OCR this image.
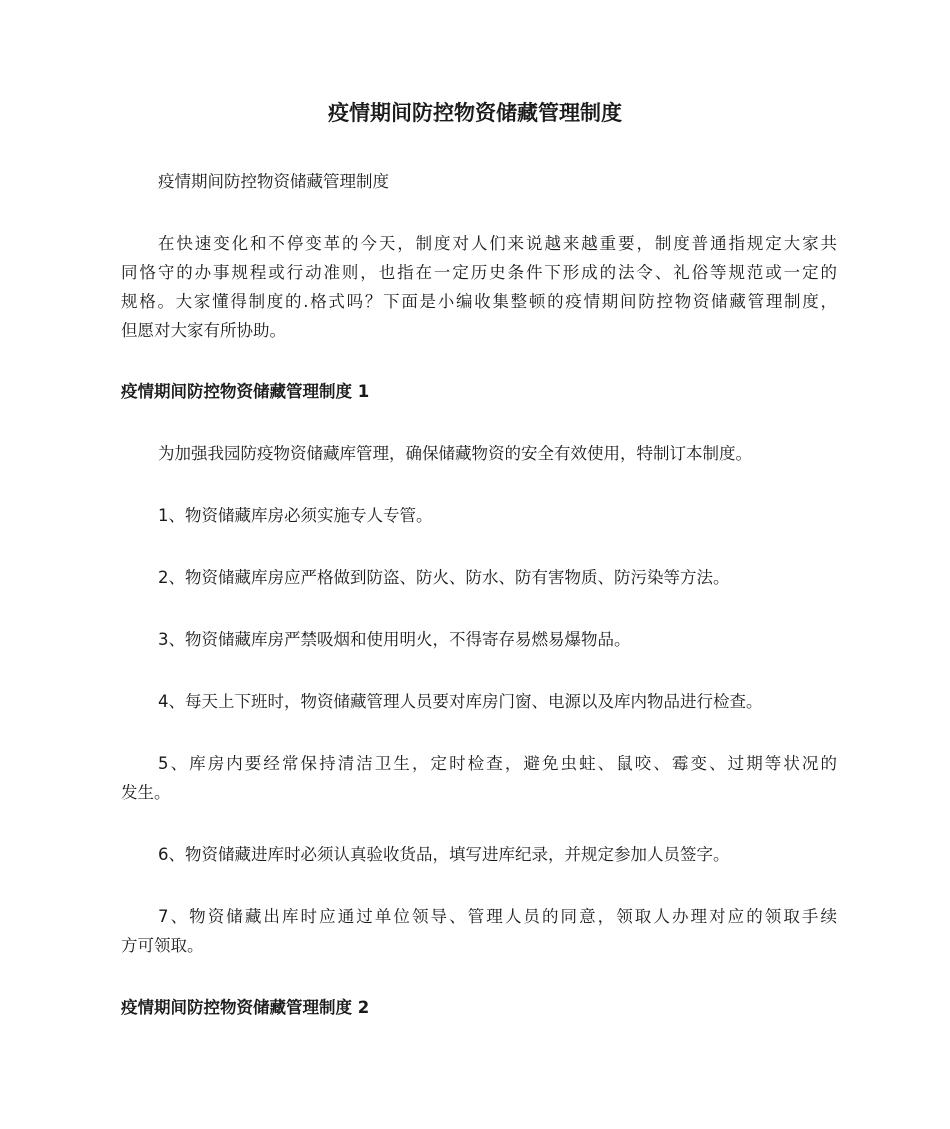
疫情期间防控物资储藏管理制度
疫情期间防控物资储藏管理制度
在快速变化和不停变革的今天，制度对人们来说越来越重要，制度普通指规定大家共
同恪守的办事规程或行动准则，也指在一定历史条件下形成的法令、礼俗等规范或一定的
规格。大家懂得制度的.格式吗？下面是小编收集整顿的疫情期间防控物资储藏管理制度，
但愿对大家有所协助。
疫情期间防控物资储藏管理制度 1
为加强我园防疫物资储藏库管理，确保储藏物资的安全有效使用，特制订本制度。
1、物资储藏库房必须实施专人专管。
2、物资储藏库房应严格做到防盗、防火、防水、防有害物质、防污染等方法。
3、物资储藏库房严禁吸烟和使用明火，不得寄存易燃易爆物品。
4、每天上下班时，物资储藏管理人员要对库房门窗、电源以及库内物品进行检查。
5、库房内要经常保持清洁卫生，定时检查，避免虫蛀、鼠咬、霉变、过期等状况的
发生。
6、物资储藏进库时必须认真验收货品，填写进库纪录，并规定参加人员签字。
7、物资储藏出库时应通过单位领导、管理人员的同意，领取人办理对应的领取手续
方可领取。
疫情期间防控物资储藏管理制度 2
